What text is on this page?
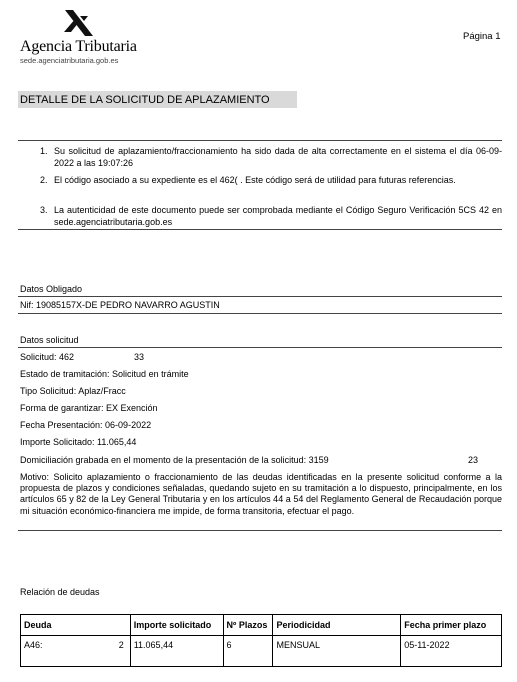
Agencia Tributaria
sede.agenciatributaria.gob.es
Página 1
DETALLE DE LA SOLICITUD DE APLAZAMIENTO
1. Su solicitud de aplazamiento/fraccionamiento ha sido dada de alta correctamente en el sistema el día 06-09-2022 a las 19:07:26
2. El código asociado a su expediente es el 462( . Este código será de utilidad para futuras referencias.
3. La autenticidad de este documento puede ser comprobada mediante el Código Seguro Verificación 5CS 42 en sede.agenciatributaria.gob.es
Datos Obligado
Nif: 19085157X-DE PEDRO NAVARRO AGUSTIN
Datos solicitud
Solicitud: 462	33
Estado de tramitación: Solicitud en trámite
Tipo Solicitud: Aplaz/Fracc
Forma de garantizar: EX Exención
Fecha Presentación: 06-09-2022
Importe Solicitado: 11.065,44
Domiciliación grabada en el momento de la presentación de la solicitud: 3159	23
Motivo: Solicito aplazamiento o fraccionamiento de las deudas identificadas en la presente solicitud conforme a la propuesta de plazos y condiciones señaladas, quedando sujeto en su tramitación a lo dispuesto, principalmente, en los artículos 65 y 82 de la Ley General Tributaria y en los artículos 44 a 54 del Reglamento General de Recaudación porque mi situación económico-financiera me impide, de forma transitoria, efectuar el pago.
Relación de deudas
Deuda	Importe solicitado	Nº Plazos	Periodicidad	Fecha primer plazo
A46: 2	11.065,44	6	MENSUAL	05-11-2022
